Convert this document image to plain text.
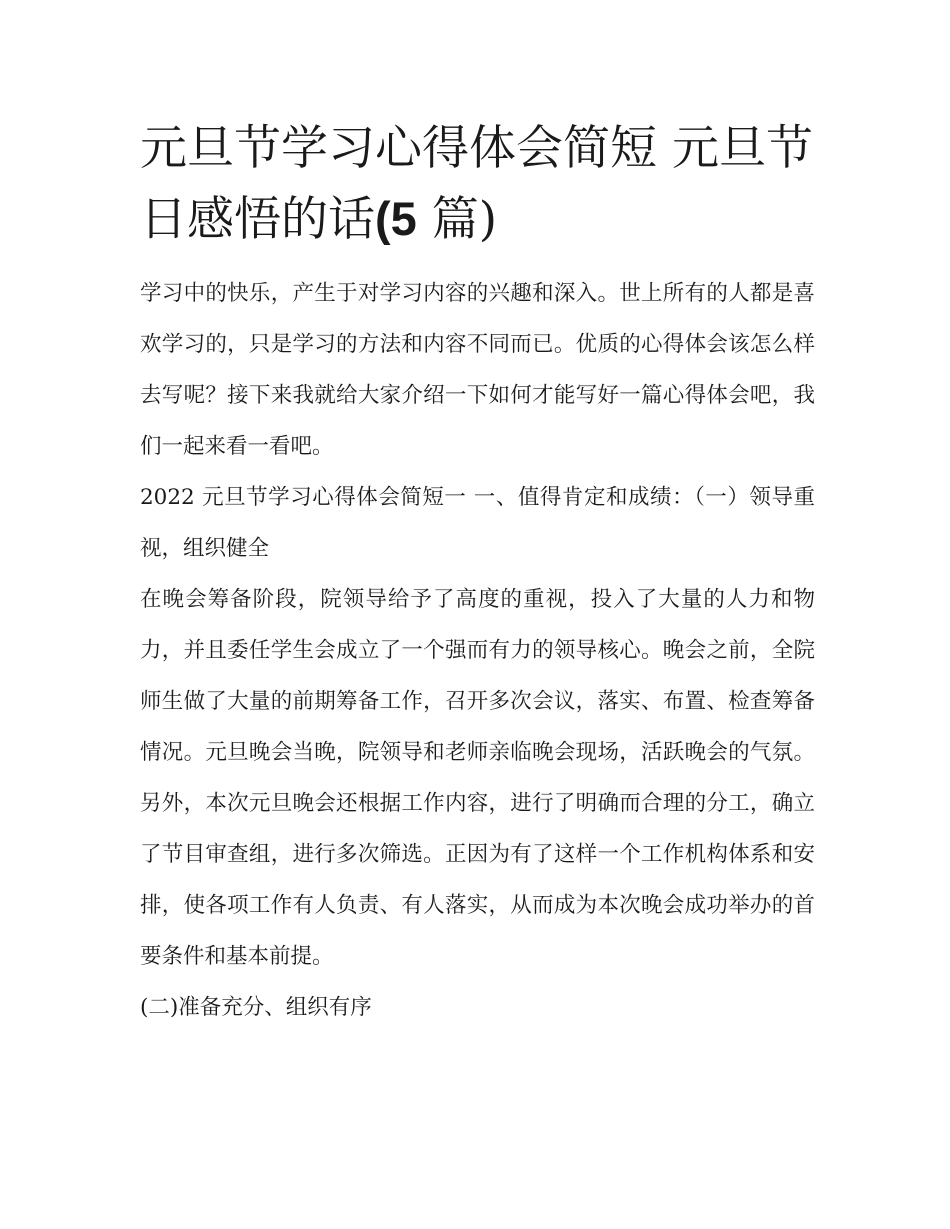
元旦节学习心得体会简短 元旦节日感悟的话(5 篇)

学习中的快乐，产生于对学习内容的兴趣和深入。世上所有的人都是喜欢学习的，只是学习的方法和内容不同而已。优质的心得体会该怎么样去写呢？接下来我就给大家介绍一下如何才能写好一篇心得体会吧，我们一起来看一看吧。

2022 元旦节学习心得体会简短一 一、值得肯定和成绩：（一）领导重视，组织健全

在晚会筹备阶段，院领导给予了高度的重视，投入了大量的人力和物力，并且委任学生会成立了一个强而有力的领导核心。晚会之前，全院师生做了大量的前期筹备工作，召开多次会议，落实、布置、检查筹备情况。元旦晚会当晚，院领导和老师亲临晚会现场，活跃晚会的气氛。另外，本次元旦晚会还根据工作内容，进行了明确而合理的分工，确立了节目审查组，进行多次筛选。正因为有了这样一个工作机构体系和安排，使各项工作有人负责、有人落实，从而成为本次晚会成功举办的首要条件和基本前提。

(二)准备充分、组织有序
